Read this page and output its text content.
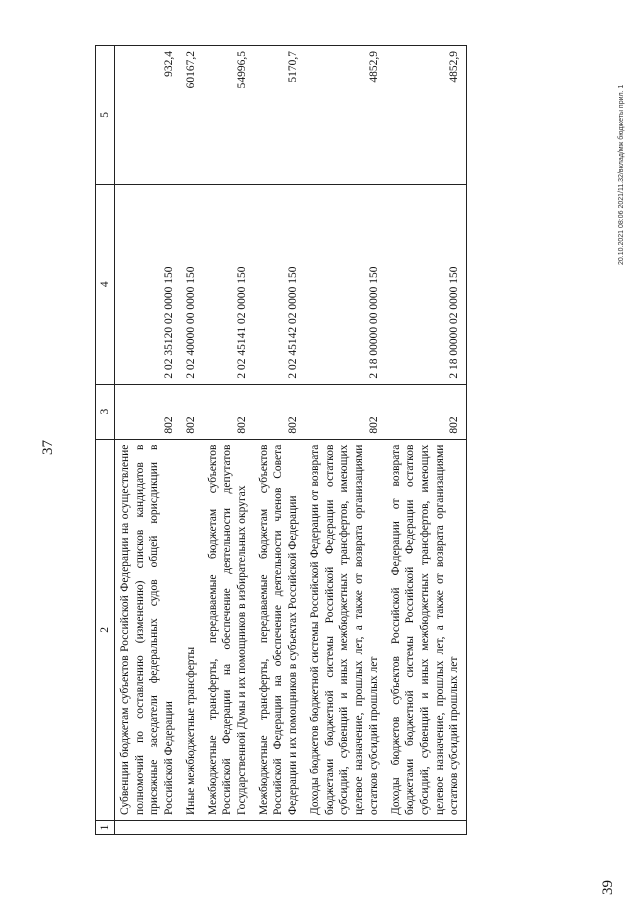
37
39
20.10.2021 08:06 2021/11.32/вклад/мж бюджеты прил. 1
1	2	3	4	5
	Субвенции бюджетам субъектов Российской Федерации на осуществление полномочий по составлению (изменению) списков кандидатов в присяжные заседатели федеральных судов общей юрисдикции в Российской Федерации	802	2 02 35120 02 0000 150	932,4
	Иные межбюджетные трансферты	802	2 02 40000 00 0000 150	60167,2
	Межбюджетные трансферты, передаваемые бюджетам субъектов Российской Федерации на обеспечение деятельности депутатов Государственной Думы и их помощников в избирательных округах	802	2 02 45141 02 0000 150	54996,5
	Межбюджетные трансферты, передаваемые бюджетам субъектов Российской Федерации на обеспечение деятельности членов Совета Федерации и их помощников в субъектах Российской Федерации	802	2 02 45142 02 0000 150	5170,7
	Доходы бюджетов бюджетной системы Российской Федерации от возврата бюджетами бюджетной системы Российской Федерации остатков субсидий, субвенций и иных межбюджетных трансфертов, имеющих целевое назначение, прошлых лет, а также от возврата организациями остатков субсидий прошлых лет	802	2 18 00000 00 0000 150	4852,9
	Доходы бюджетов субъектов Российской Федерации от возврата бюджетами бюджетной системы Российской Федерации остатков субсидий, субвенций и иных межбюджетных трансфертов, имеющих целевое назначение, прошлых лет, а также от возврата организациями остатков субсидий прошлых лет	802	2 18 00000 02 0000 150	4852,9
